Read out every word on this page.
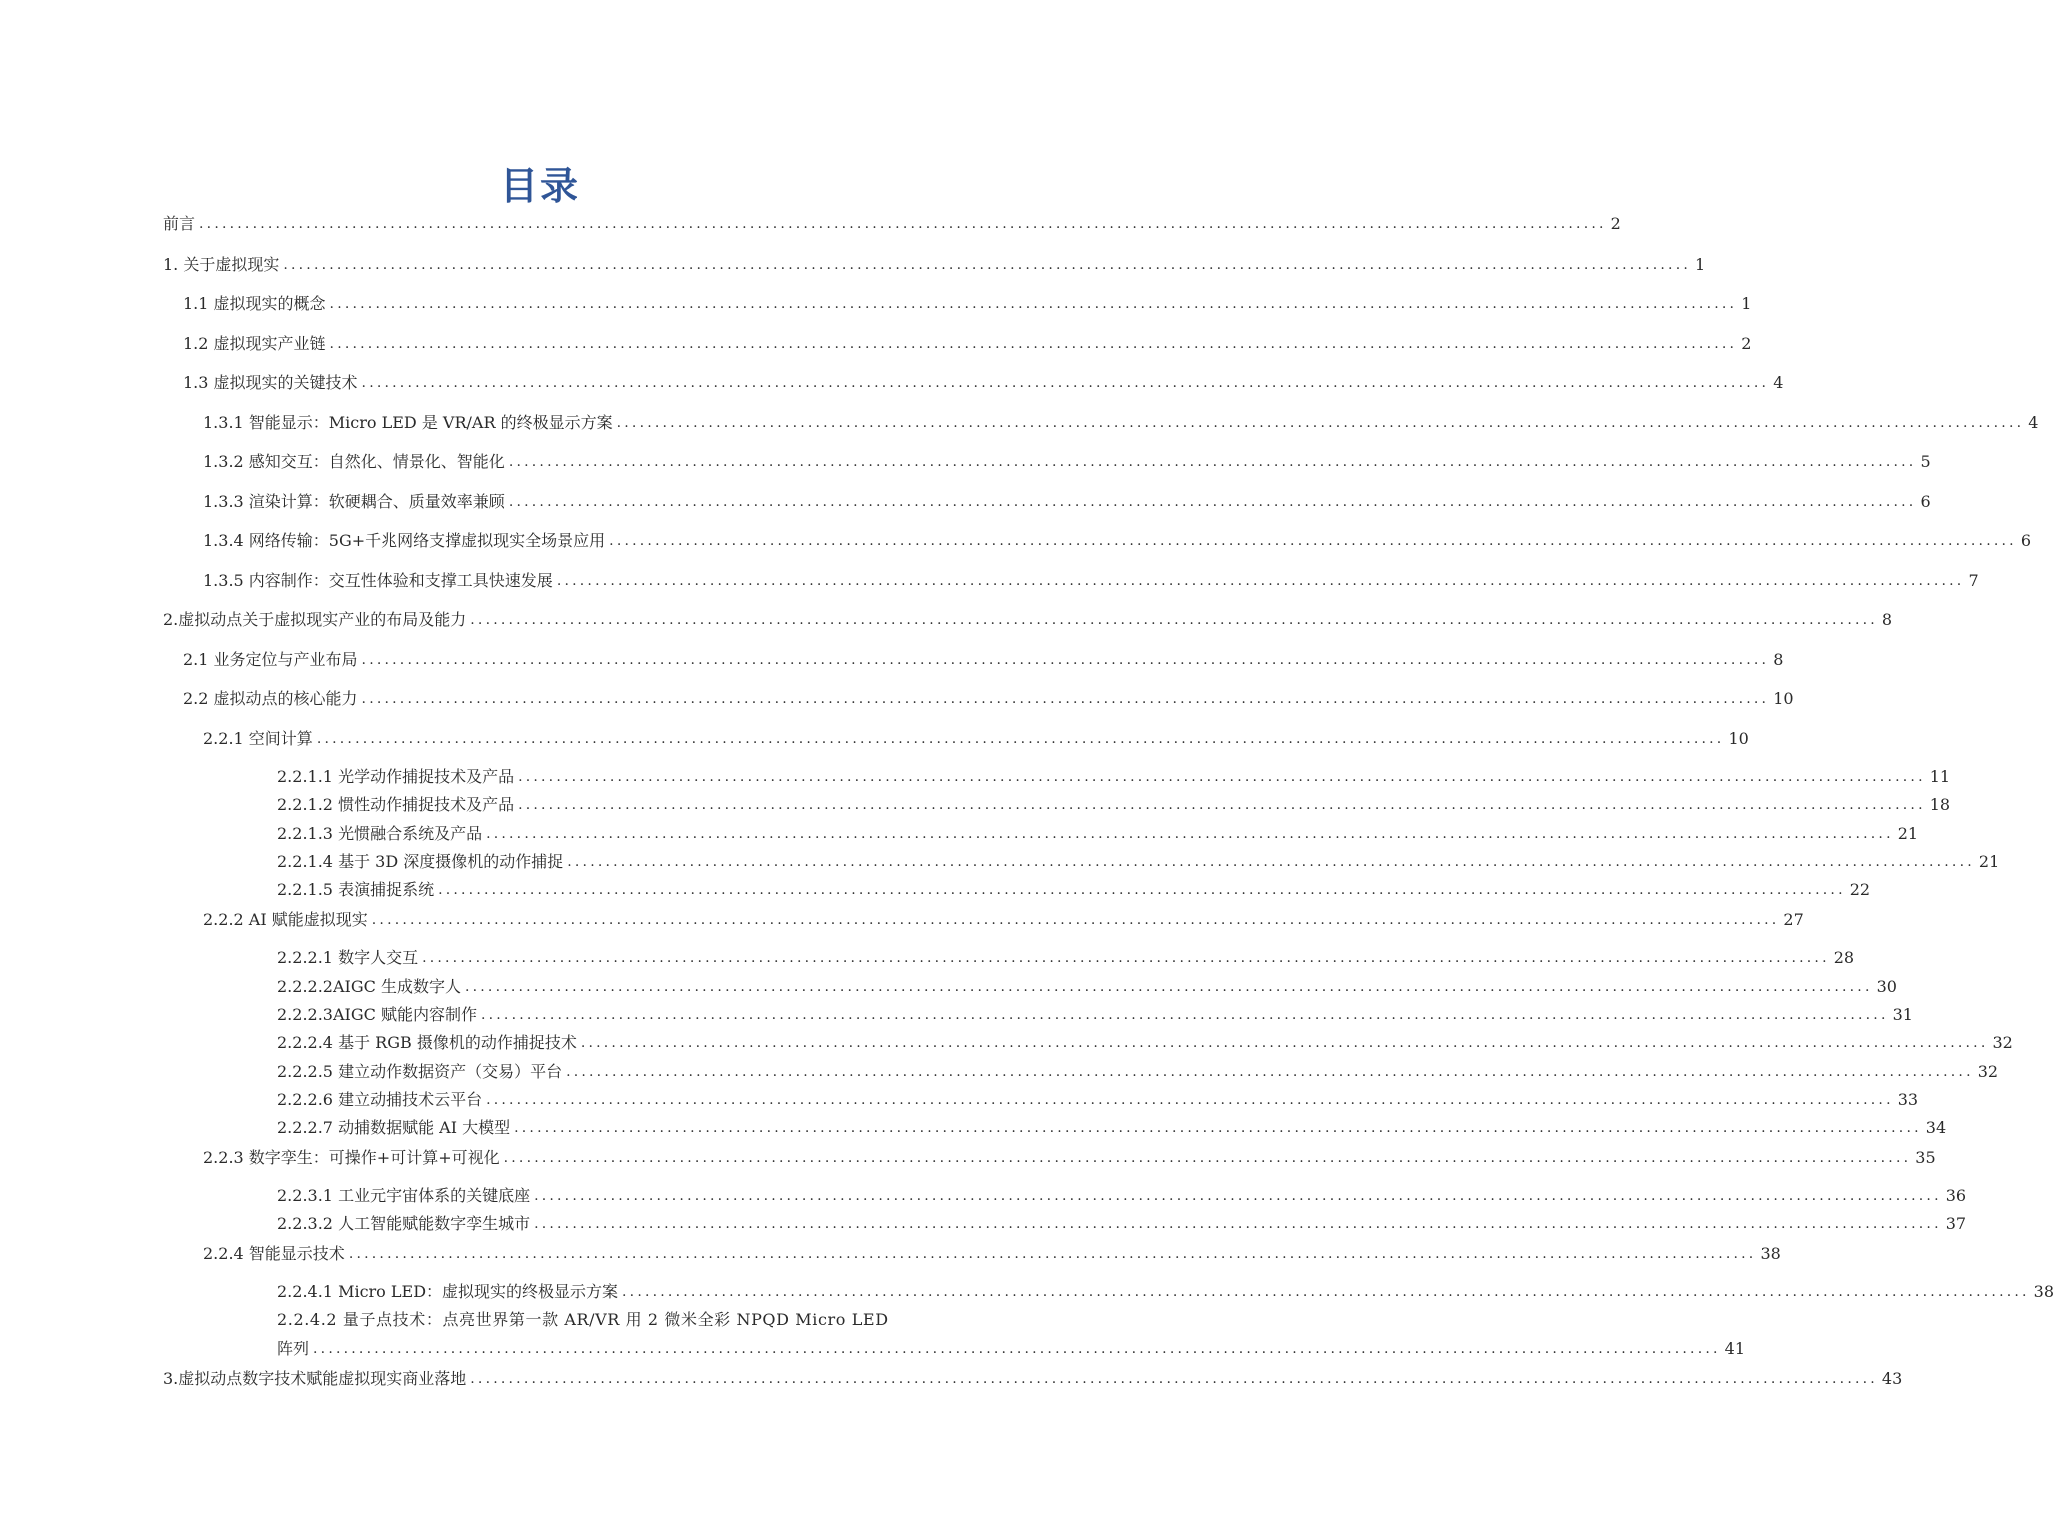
目录
前言 ........................................................................................................................................................................................ 2
1. 关于虚拟现实 ........................................................................................................................................................................................ 1
1.1 虚拟现实的概念 ........................................................................................................................................................................................ 1
1.2 虚拟现实产业链 ........................................................................................................................................................................................ 2
1.3 虚拟现实的关键技术 ........................................................................................................................................................................................ 4
1.3.1 智能显示：Micro LED 是 VR/AR 的终极显示方案 ........................................................................................................................................................................................ 4
1.3.2 感知交互：自然化、情景化、智能化 ........................................................................................................................................................................................ 5
1.3.3 渲染计算：软硬耦合、质量效率兼顾 ........................................................................................................................................................................................ 6
1.3.4 网络传输：5G+千兆网络支撑虚拟现实全场景应用 ........................................................................................................................................................................................ 6
1.3.5 内容制作：交互性体验和支撑工具快速发展 ........................................................................................................................................................................................ 7
2.虚拟动点关于虚拟现实产业的布局及能力 ........................................................................................................................................................................................ 8
2.1 业务定位与产业布局 ........................................................................................................................................................................................ 8
2.2 虚拟动点的核心能力 ........................................................................................................................................................................................ 10
2.2.1 空间计算 ........................................................................................................................................................................................ 10
2.2.1.1 光学动作捕捉技术及产品 ........................................................................................................................................................................................ 11
2.2.1.2 惯性动作捕捉技术及产品 ........................................................................................................................................................................................ 18
2.2.1.3 光惯融合系统及产品 ........................................................................................................................................................................................ 21
2.2.1.4 基于 3D 深度摄像机的动作捕捉 ........................................................................................................................................................................................ 21
2.2.1.5 表演捕捉系统 ........................................................................................................................................................................................ 22
2.2.2 AI 赋能虚拟现实 ........................................................................................................................................................................................ 27
2.2.2.1 数字人交互 ........................................................................................................................................................................................ 28
2.2.2.2AIGC 生成数字人 ........................................................................................................................................................................................ 30
2.2.2.3AIGC 赋能内容制作 ........................................................................................................................................................................................ 31
2.2.2.4 基于 RGB 摄像机的动作捕捉技术 ........................................................................................................................................................................................ 32
2.2.2.5 建立动作数据资产（交易）平台 ........................................................................................................................................................................................ 32
2.2.2.6 建立动捕技术云平台 ........................................................................................................................................................................................ 33
2.2.2.7 动捕数据赋能 AI 大模型 ........................................................................................................................................................................................ 34
2.2.3 数字孪生：可操作+可计算+可视化 ........................................................................................................................................................................................ 35
2.2.3.1 工业元宇宙体系的关键底座 ........................................................................................................................................................................................ 36
2.2.3.2 人工智能赋能数字孪生城市 ........................................................................................................................................................................................ 37
2.2.4 智能显示技术 ........................................................................................................................................................................................ 38
2.2.4.1 Micro LED：虚拟现实的终极显示方案 ........................................................................................................................................................................................ 38
2.2.4.2 量子点技术：点亮世界第一款 AR/VR 用 2 微米全彩 NPQD Micro LED
阵列 ........................................................................................................................................................................................ 41
3.虚拟动点数字技术赋能虚拟现实商业落地 ........................................................................................................................................................................................ 43
